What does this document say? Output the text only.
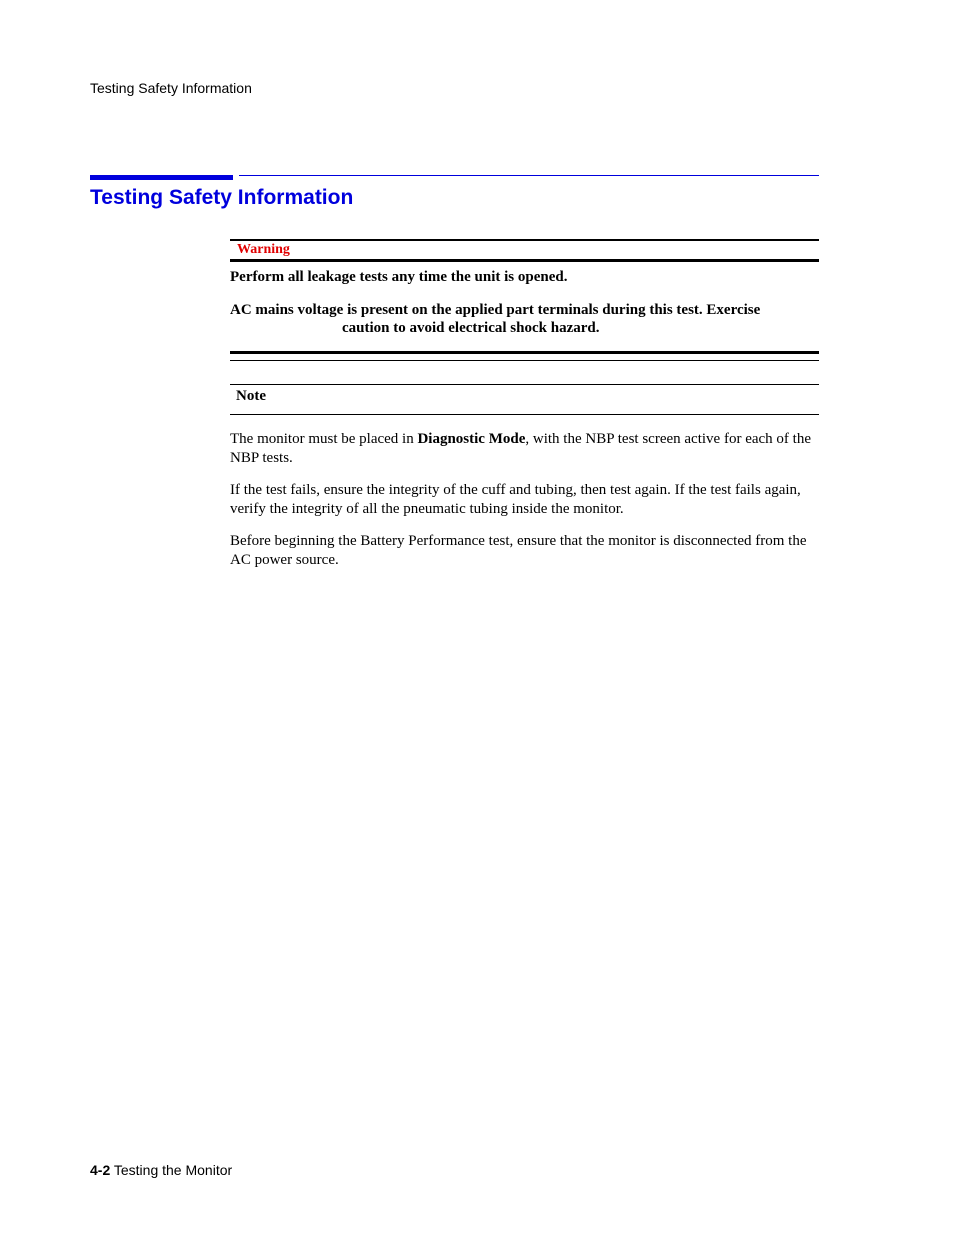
Testing Safety Information
Testing Safety Information
Warning
Perform all leakage tests any time the unit is opened.
AC mains voltage is present on the applied part terminals during this test. Exercise
caution to avoid electrical shock hazard.
Note

The monitor must be placed in Diagnostic Mode, with the NBP test screen active for each of the NBP tests.

If the test fails, ensure the integrity of the cuff and tubing, then test again. If the test fails again, verify the integrity of all the pneumatic tubing inside the monitor.

Before beginning the Battery Performance test, ensure that the monitor is disconnected from the AC power source.

4-2 Testing the Monitor
